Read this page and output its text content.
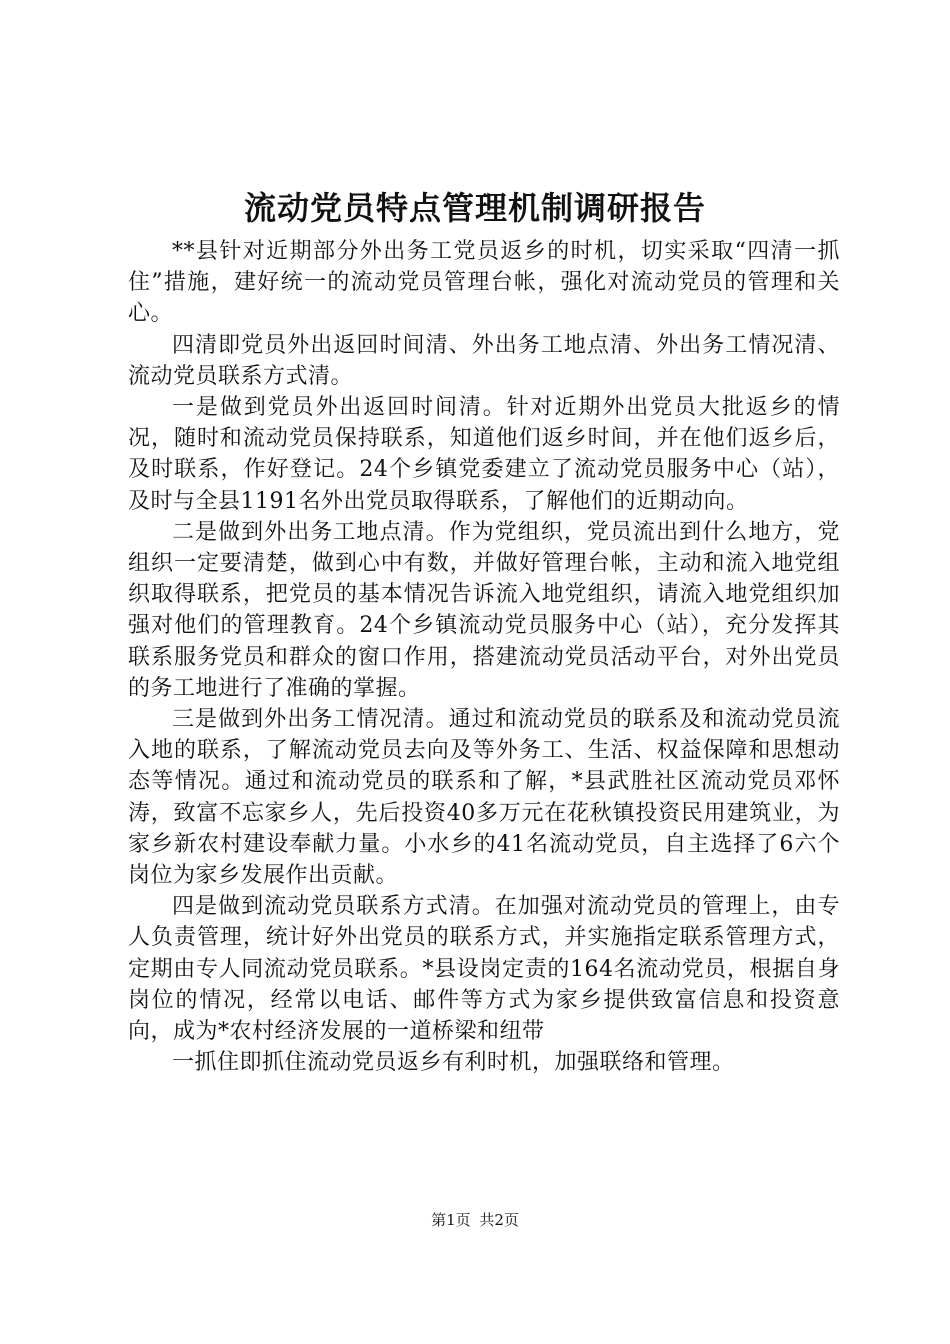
流动党员特点管理机制调研报告

**县针对近期部分外出务工党员返乡的时机，切实采取“四清一抓住”措施，建好统一的流动党员管理台帐，强化对流动党员的管理和关心。

四清即党员外出返回时间清、外出务工地点清、外出务工情况清、流动党员联系方式清。

一是做到党员外出返回时间清。针对近期外出党员大批返乡的情况，随时和流动党员保持联系，知道他们返乡时间，并在他们返乡后，及时联系，作好登记。24个乡镇党委建立了流动党员服务中心（站），及时与全县1191名外出党员取得联系，了解他们的近期动向。

二是做到外出务工地点清。作为党组织，党员流出到什么地方，党组织一定要清楚，做到心中有数，并做好管理台帐，主动和流入地党组织取得联系，把党员的基本情况告诉流入地党组织，请流入地党组织加强对他们的管理教育。24个乡镇流动党员服务中心（站），充分发挥其联系服务党员和群众的窗口作用，搭建流动党员活动平台，对外出党员的务工地进行了准确的掌握。

三是做到外出务工情况清。通过和流动党员的联系及和流动党员流入地的联系，了解流动党员去向及等外务工、生活、权益保障和思想动态等情况。通过和流动党员的联系和了解，*县武胜社区流动党员邓怀涛，致富不忘家乡人，先后投资40多万元在花秋镇投资民用建筑业，为家乡新农村建设奉献力量。小水乡的41名流动党员，自主选择了6六个岗位为家乡发展作出贡献。

四是做到流动党员联系方式清。在加强对流动党员的管理上，由专人负责管理，统计好外出党员的联系方式，并实施指定联系管理方式，定期由专人同流动党员联系。*县设岗定责的164名流动党员，根据自身岗位的情况，经常以电话、邮件等方式为家乡提供致富信息和投资意向，成为*农村经济发展的一道桥梁和纽带

一抓住即抓住流动党员返乡有利时机，加强联络和管理。

第1页 共2页
